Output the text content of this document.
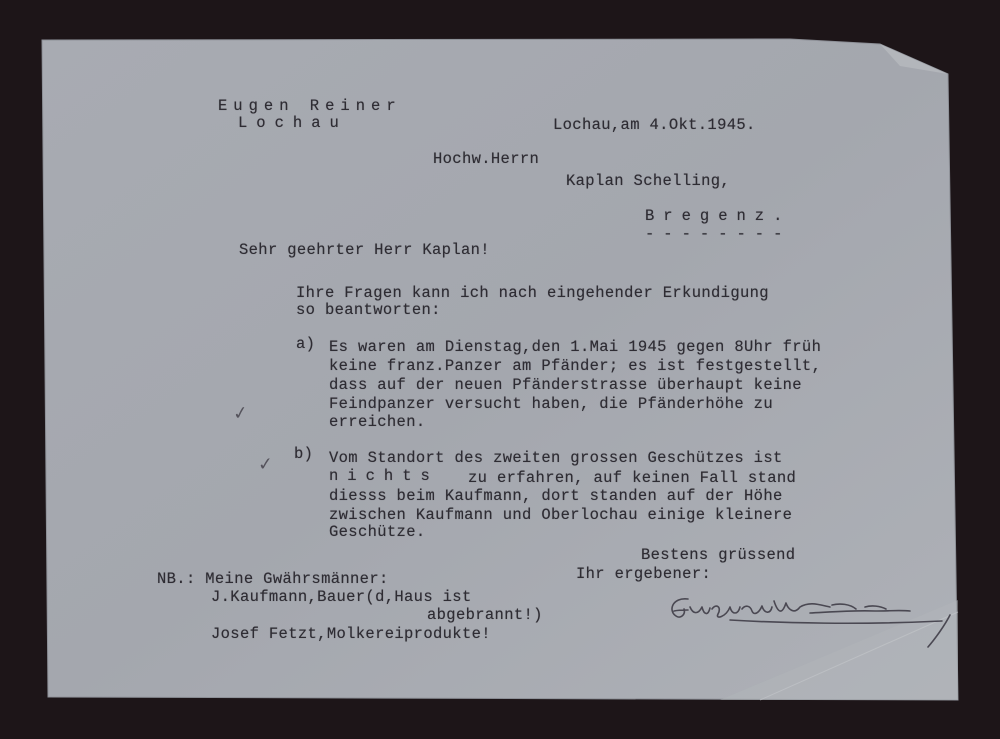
Eugen Reiner
Lochau	Lochau,am 4.Okt.1945.
Hochw.Herrn
Kaplan Schelling,
Bregenz.
--------
Sehr geehrter Herr Kaplan!
Ihre Fragen kann ich nach eingehender Erkundigung
so beantworten:
a) Es waren am Dienstag,den 1.Mai 1945 gegen 8Uhr früh
keine franz.Panzer am Pfänder; es ist festgestellt,
dass auf der neuen Pfänderstrasse überhaupt keine
Feindpanzer versucht haben, die Pfänderhöhe zu
erreichen.
b) Vom Standort des zweiten grossen Geschützes ist
nichts zu erfahren, auf keinen Fall stand
diesss beim Kaufmann, dort standen auf der Höhe
zwischen Kaufmann und Oberlochau einige kleinere
Geschütze.
✓
✓
Bestens grüssend
Ihr ergebener:
NB.: Meine Gwährsmänner:
J.Kaufmann,Bauer(d,Haus ist
abgebrannt!)
Josef Fetzt,Molkereiprodukte!
